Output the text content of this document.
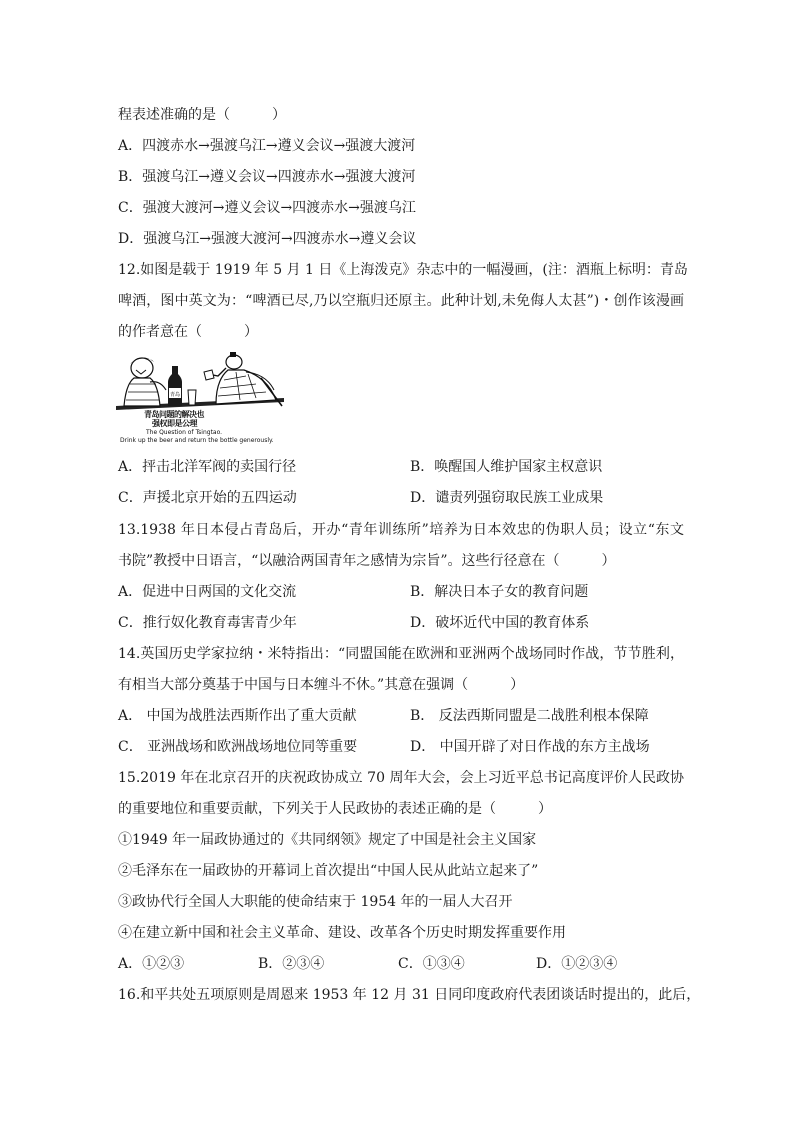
程表述准确的是（　　　）
A．四渡赤水→强渡乌江→遵义会议→强渡大渡河
B．强渡乌江→遵义会议→四渡赤水→强渡大渡河
C．强渡大渡河→遵义会议→四渡赤水→强渡乌江
D．强渡乌江→强渡大渡河→四渡赤水→遵义会议
12.如图是载于 1919 年 5 月 1 日《上海泼克》杂志中的一幅漫画，(注：酒瓶上标明：青岛
啤酒，图中英文为：“啤酒已尽,乃以空瓶归还原主。此种计划,未免侮人太甚”)・创作该漫画
的作者意在（　　　）
青岛
青岛问题的解决也
强权即是公理
The Question of Tsingtao.
Drink up the beer and return the bottle generously.
A．抨击北洋军阀的卖国行径	B．唤醒国人维护国家主权意识
C．声援北京开始的五四运动	D．谴责列强窃取民族工业成果
13.1938 年日本侵占青岛后，开办“青年训练所”培养为日本效忠的伪职人员；设立“东文
书院”教授中日语言，“以融洽两国青年之感情为宗旨”。这些行径意在（　　　）
A．促进中日两国的文化交流	B．解决日本子女的教育问题
C．推行奴化教育毒害青少年	D．破坏近代中国的教育体系
14.英国历史学家拉纳・米特指出：“同盟国能在欧洲和亚洲两个战场同时作战，节节胜利，
有相当大部分奠基于中国与日本缠斗不休。”其意在强调（　　　）
A． 中国为战胜法西斯作出了重大贡献	B． 反法西斯同盟是二战胜利根本保障
C． 亚洲战场和欧洲战场地位同等重要	D． 中国开辟了对日作战的东方主战场
15.2019 年在北京召开的庆祝政协成立 70 周年大会，会上习近平总书记高度评价人民政协
的重要地位和重要贡献，下列关于人民政协的表述正确的是（　　　）
①1949 年一届政协通过的《共同纲领》规定了中国是社会主义国家
②毛泽东在一届政协的开幕词上首次提出“中国人民从此站立起来了”
③政协代行全国人大职能的使命结束于 1954 年的一届人大召开
④在建立新中国和社会主义革命、建设、改革各个历史时期发挥重要作用
A．①②③	B．②③④	C．①③④	D．①②③④
16.和平共处五项原则是周恩来 1953 年 12 月 31 日同印度政府代表团谈话时提出的，此后，
